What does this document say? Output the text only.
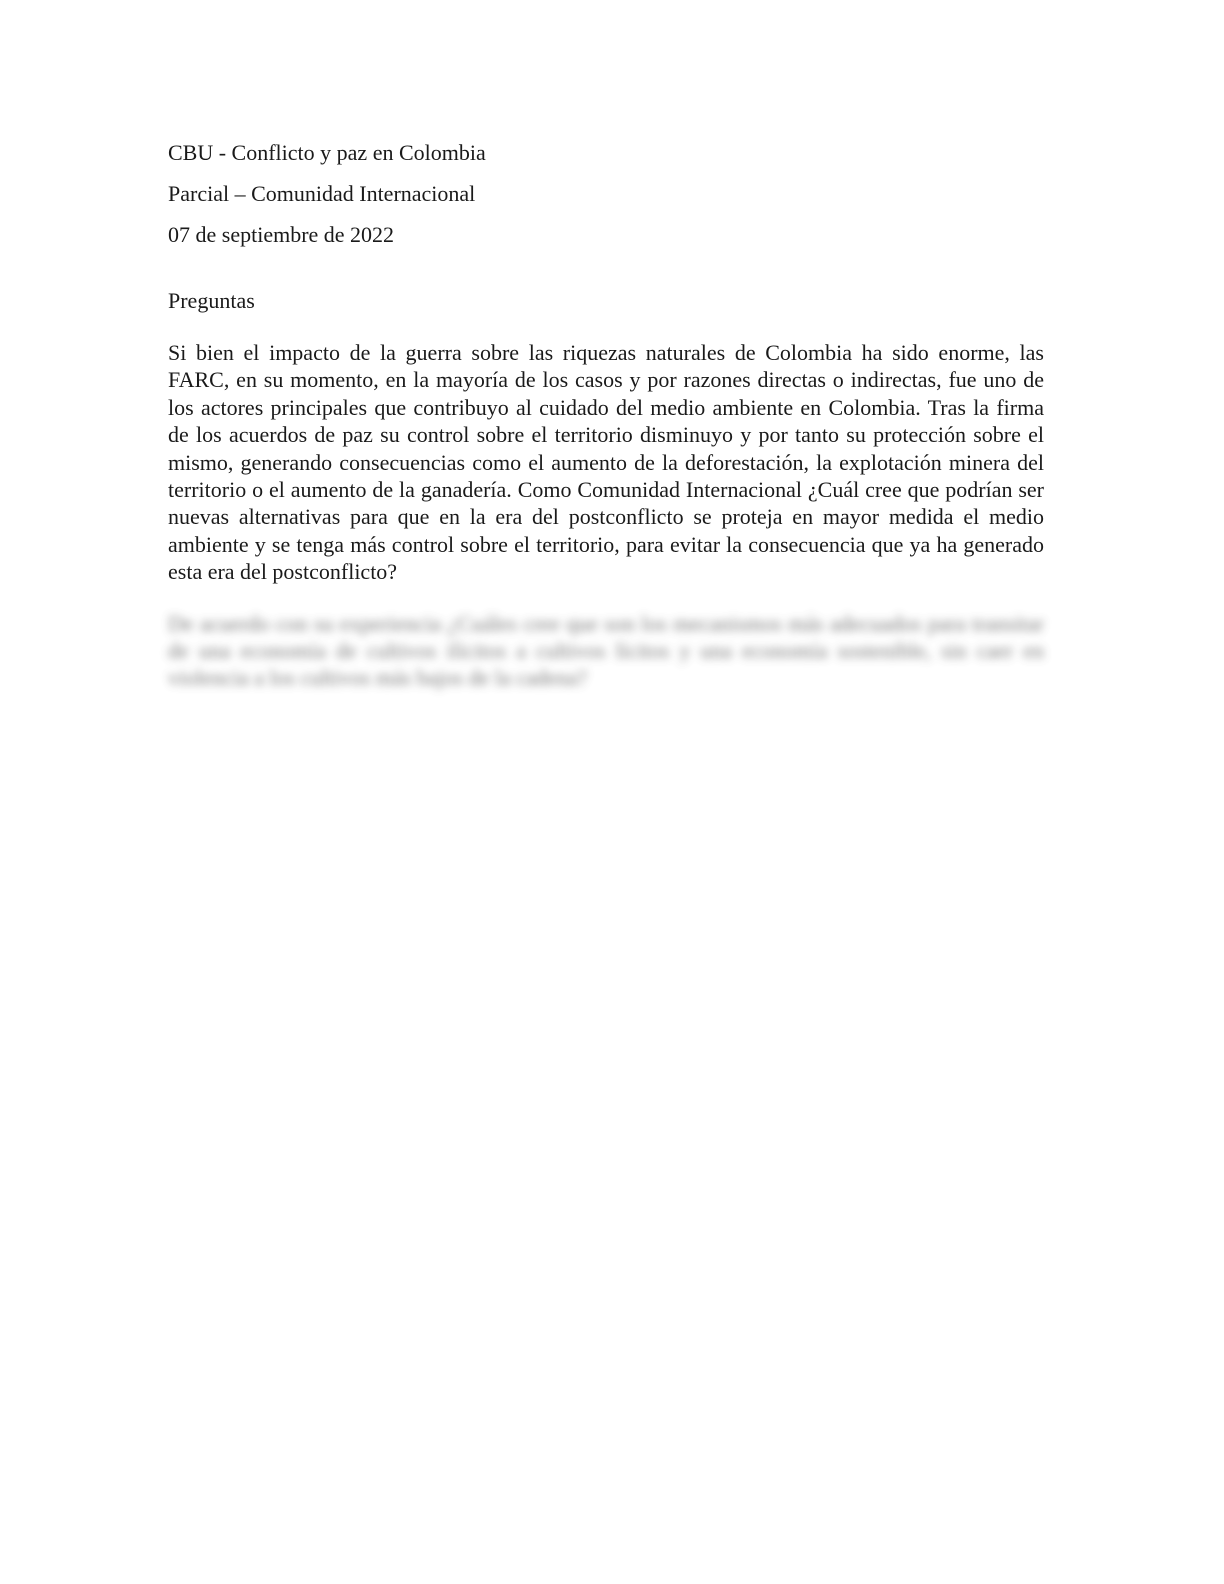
CBU - Conflicto y paz en Colombia
Parcial – Comunidad Internacional
07 de septiembre de 2022
Preguntas

Si bien el impacto de la guerra sobre las riquezas naturales de Colombia ha sido enorme, las FARC, en su momento, en la mayoría de los casos y por razones directas o indirectas, fue uno de los actores principales que contribuyo al cuidado del medio ambiente en Colombia. Tras la firma de los acuerdos de paz su control sobre el territorio disminuyo y por tanto su protección sobre el mismo, generando consecuencias como el aumento de la deforestación, la explotación minera del territorio o el aumento de la ganadería. Como Comunidad Internacional ¿Cuál cree que podrían ser nuevas alternativas para que en la era del postconflicto se proteja en mayor medida el medio ambiente y se tenga más control sobre el territorio, para evitar la consecuencia que ya ha generado esta era del postconflicto?

De acuerdo con su experiencia ¿Cuáles cree que son los mecanismos más adecuados para transitar de una economía de cultivos ilícitos a cultivos lícitos y una economía sostenible, sin caer en violencia a los cultivos más bajos de la cadena?
